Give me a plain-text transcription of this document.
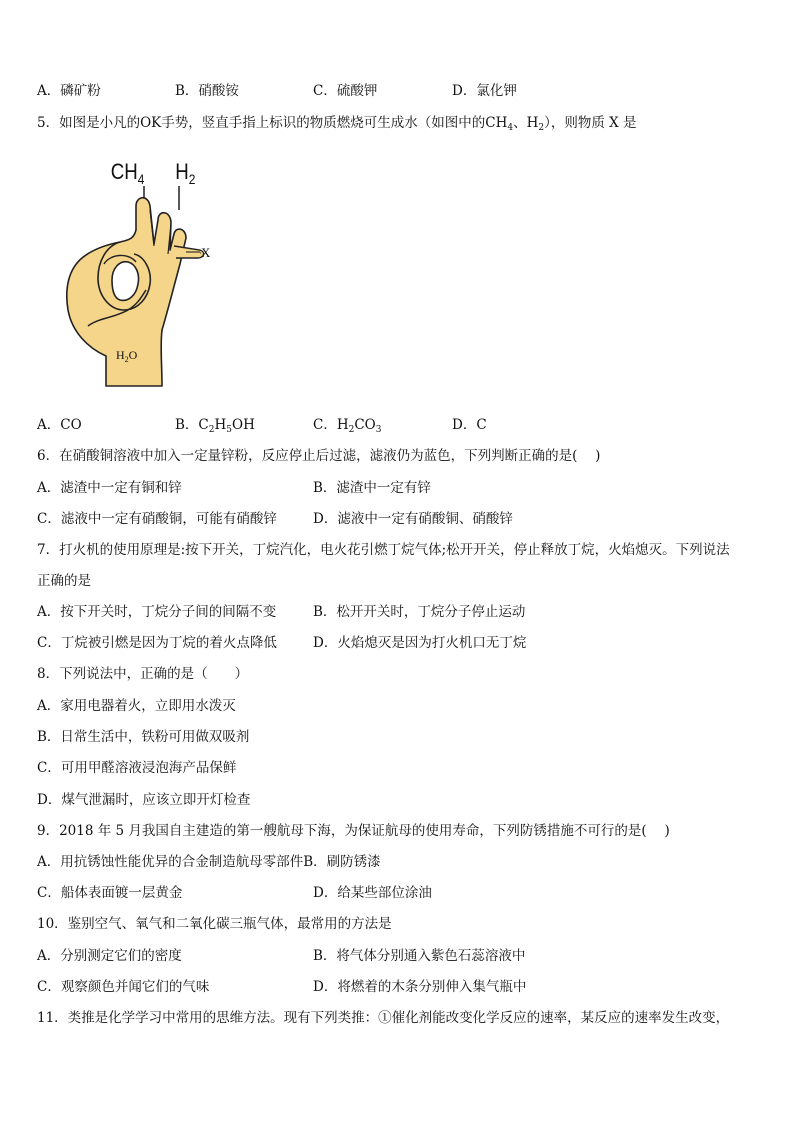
A．磷矿粉	B．硝酸铵	C．硫酸钾	D．氯化钾
5．如图是小凡的OK手势，竖直手指上标识的物质燃烧可生成水（如图中的$CH_4$、$H_2$），则物质 X 是
$CH_4$ $H_2$
X
$H_2O$
A．CO	B．$C_2H_5OH$	C．$H_2CO_3$	D．C
6．在硝酸铜溶液中加入一定量锌粉，反应停止后过滤，滤液仍为蓝色，下列判断正确的是(　 )
A．滤渣中一定有铜和锌	B．滤渣中一定有锌
C．滤液中一定有硝酸铜，可能有硝酸锌	D．滤液中一定有硝酸铜、硝酸锌
7．打火机的使用原理是:按下开关，丁烷汽化，电火花引燃丁烷气体;松开开关，停止释放丁烷，火焰熄灭。下列说法
正确的是
A．按下开关时，丁烷分子间的间隔不变	B．松开开关时，丁烷分子停止运动
C．丁烷被引燃是因为丁烷的着火点降低	D．火焰熄灭是因为打火机口无丁烷
8．下列说法中，正确的是（　　）
A．家用电器着火，立即用水泼灭
B．日常生活中，铁粉可用做双吸剂
C．可用甲醛溶液浸泡海产品保鲜
D．煤气泄漏时，应该立即开灯检查
9．2018 年 5 月我国自主建造的第一艘航母下海，为保证航母的使用寿命，下列防锈措施不可行的是(　 )
A．用抗锈蚀性能优异的合金制造航母零部件B．刷防锈漆
C．船体表面镀一层黄金	D．给某些部位涂油
10．鉴别空气、氧气和二氧化碳三瓶气体，最常用的方法是
A．分别测定它们的密度	B．将气体分别通入紫色石蕊溶液中
C．观察颜色并闻它们的气味	D．将燃着的木条分别伸入集气瓶中
11．类推是化学学习中常用的思维方法。现有下列类推：①催化剂能改变化学反应的速率，某反应的速率发生改变，
